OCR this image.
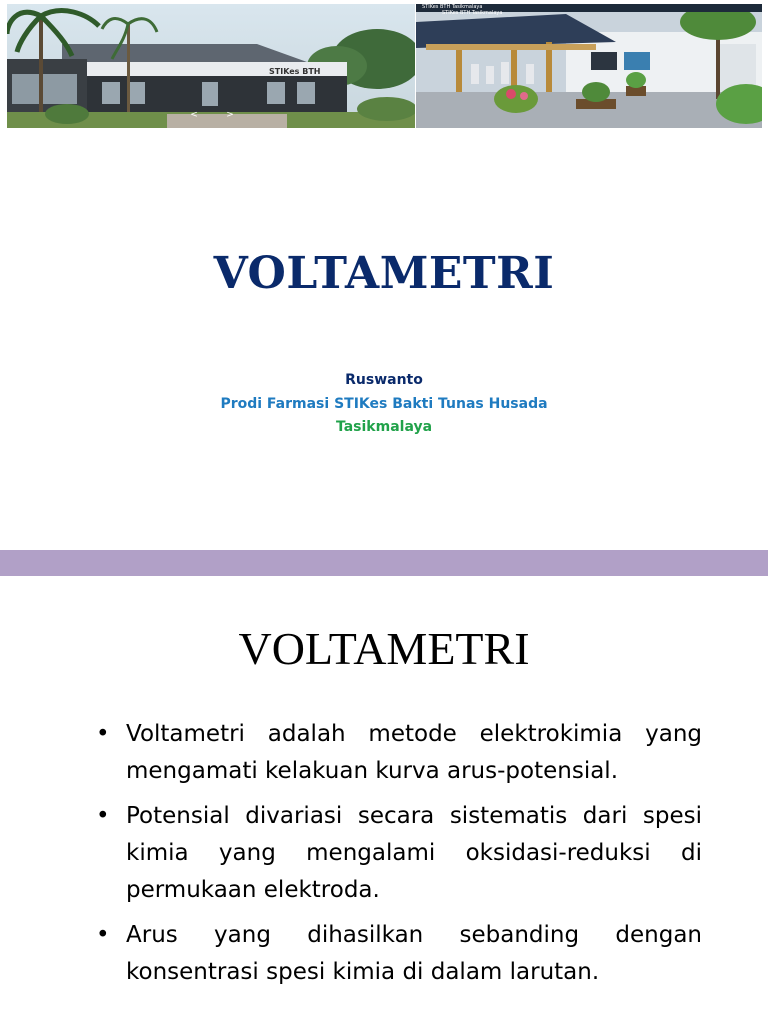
STIKes BTH
<	>
STIKes BTH Tasikmalaya
STIKes BTH Tasikmalaya
VOLTAMETRI
Ruswanto
Prodi Farmasi STIKes Bakti Tunas Husada
Tasikmalaya
VOLTAMETRI
• Voltametri adalah metode elektrokimia yang mengamati kelakuan kurva arus-potensial.
• Potensial divariasi secara sistematis dari spesi kimia yang mengalami oksidasi-reduksi di permukaan elektroda.
• Arus yang dihasilkan sebanding dengan konsentrasi spesi kimia di dalam larutan.
